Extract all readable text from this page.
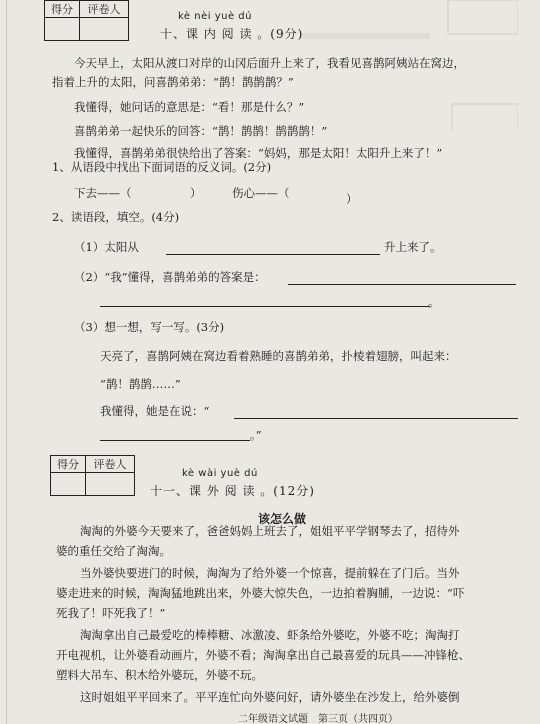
得分	评卷人

kè nèi yuè dú
十、课 内 阅 读 。(9分)
今天早上，太阳从渡口对岸的山冈后面升上来了，我看见喜鹊阿姨站在窝边，
指着上升的太阳，问喜鹊弟弟：“鹊！鹊鹊鹊？”
我懂得，她问话的意思是：“看！那是什么？”
喜鹊弟弟一起快乐的回答：“鹊！鹊鹊！鹊鹊鹊！”
我懂得，喜鹊弟弟很快给出了答案：“妈妈，那是太阳！太阳升上来了！”
1、从语段中找出下面词语的反义词。(2分)
下去——（	）	伤心——（	）
2、读语段，填空。(4分)
（1）太阳从	升上来了。
（2）“我”懂得，喜鹊弟弟的答案是：
。
（3）想一想，写一写。(3分)
天亮了，喜鹊阿姨在窝边看着熟睡的喜鹊弟弟，扑棱着翅膀，叫起来：
“鹊！鹊鹊……”
我懂得，她是在说：“
。”
得分	评卷人

kè wài yuè dú
十一、课 外 阅 读 。(12分)
该怎么做
淘淘的外婆今天要来了，爸爸妈妈上班去了，姐姐平平学钢琴去了，招待外
婆的重任交给了淘淘。
当外婆快要进门的时候，淘淘为了给外婆一个惊喜，提前躲在了门后。当外
婆走进来的时候，淘淘猛地跳出来，外婆大惊失色，一边拍着胸脯，一边说：“吓
死我了！吓死我了！”
淘淘拿出自己最爱吃的棒棒糖、冰激凌、虾条给外婆吃，外婆不吃；淘淘打
开电视机，让外婆看动画片，外婆不看；淘淘拿出自己最喜爱的玩具——冲锋枪、
塑料大吊车、积木给外婆玩，外婆不玩。
这时姐姐平平回来了。平平连忙向外婆问好，请外婆坐在沙发上，给外婆倒
二年级语文试题　第三页（共四页）
